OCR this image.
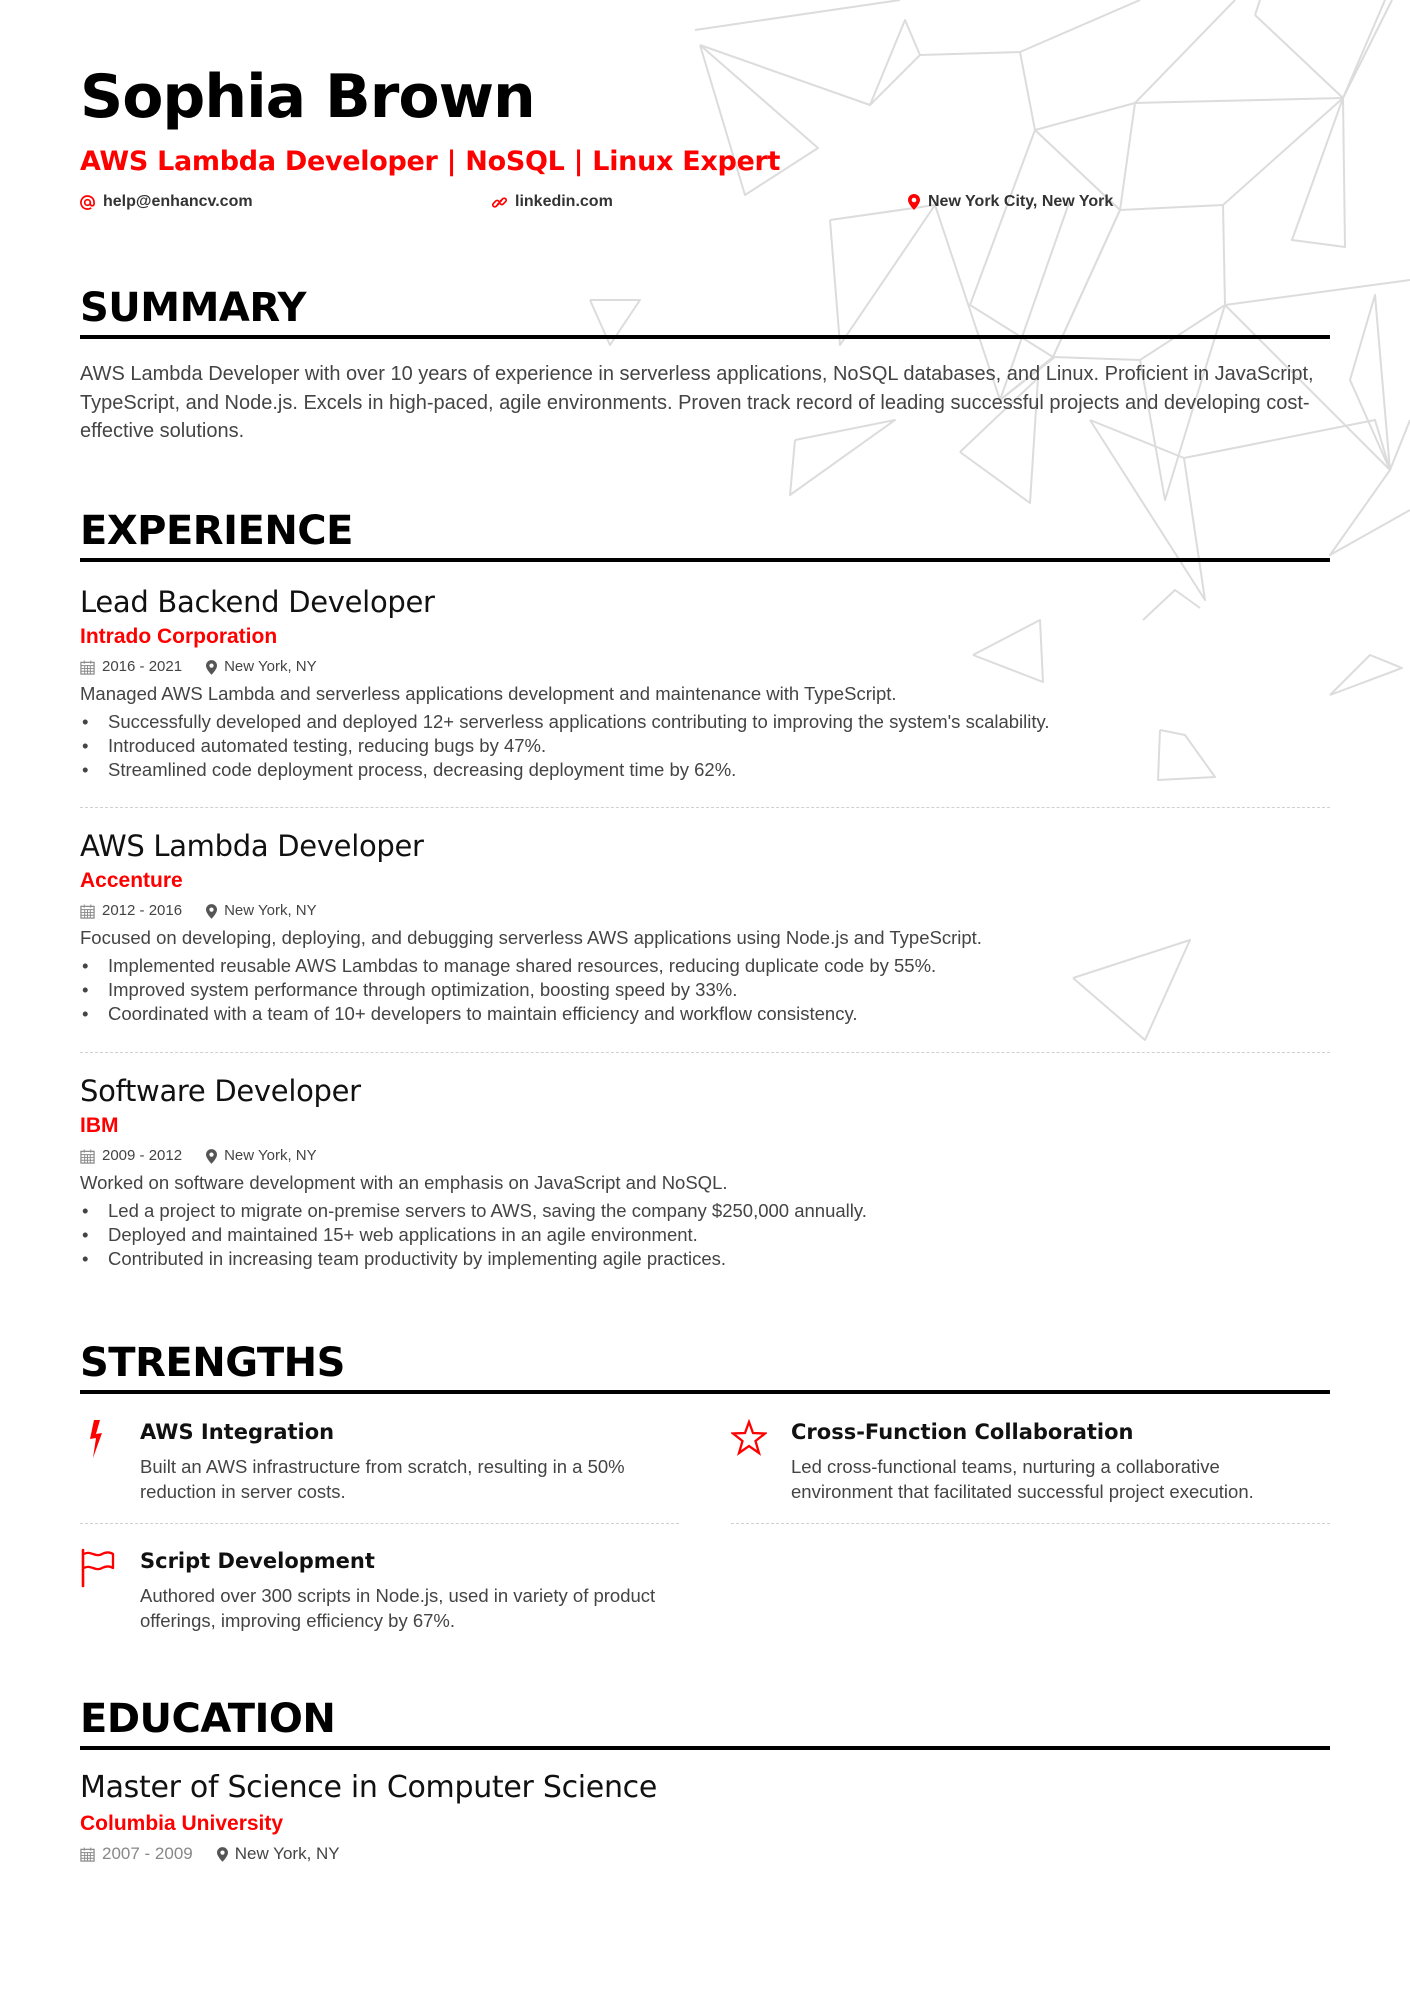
Sophia Brown
AWS Lambda Developer | NoSQL | Linux Expert
help@enhancv.com	linkedin.com	New York City, New York
SUMMARY
AWS Lambda Developer with over 10 years of experience in serverless applications, NoSQL databases, and Linux. Proficient in JavaScript, TypeScript, and Node.js. Excels in high-paced, agile environments. Proven track record of leading successful projects and developing cost-effective solutions.
EXPERIENCE
Lead Backend Developer
Intrado Corporation
2016 - 2021	New York, NY
Managed AWS Lambda and serverless applications development and maintenance with TypeScript.
• Successfully developed and deployed 12+ serverless applications contributing to improving the system's scalability.
• Introduced automated testing, reducing bugs by 47%.
• Streamlined code deployment process, decreasing deployment time by 62%.
AWS Lambda Developer
Accenture
2012 - 2016	New York, NY
Focused on developing, deploying, and debugging serverless AWS applications using Node.js and TypeScript.
• Implemented reusable AWS Lambdas to manage shared resources, reducing duplicate code by 55%.
• Improved system performance through optimization, boosting speed by 33%.
• Coordinated with a team of 10+ developers to maintain efficiency and workflow consistency.
Software Developer
IBM
2009 - 2012	New York, NY
Worked on software development with an emphasis on JavaScript and NoSQL.
• Led a project to migrate on-premise servers to AWS, saving the company $250,000 annually.
• Deployed and maintained 15+ web applications in an agile environment.
• Contributed in increasing team productivity by implementing agile practices.
STRENGTHS
AWS Integration
Built an AWS infrastructure from scratch, resulting in a 50% reduction in server costs.
Cross-Function Collaboration
Led cross-functional teams, nurturing a collaborative environment that facilitated successful project execution.
Script Development
Authored over 300 scripts in Node.js, used in variety of product offerings, improving efficiency by 67%.
EDUCATION
Master of Science in Computer Science
Columbia University
2007 - 2009 New York, NY
